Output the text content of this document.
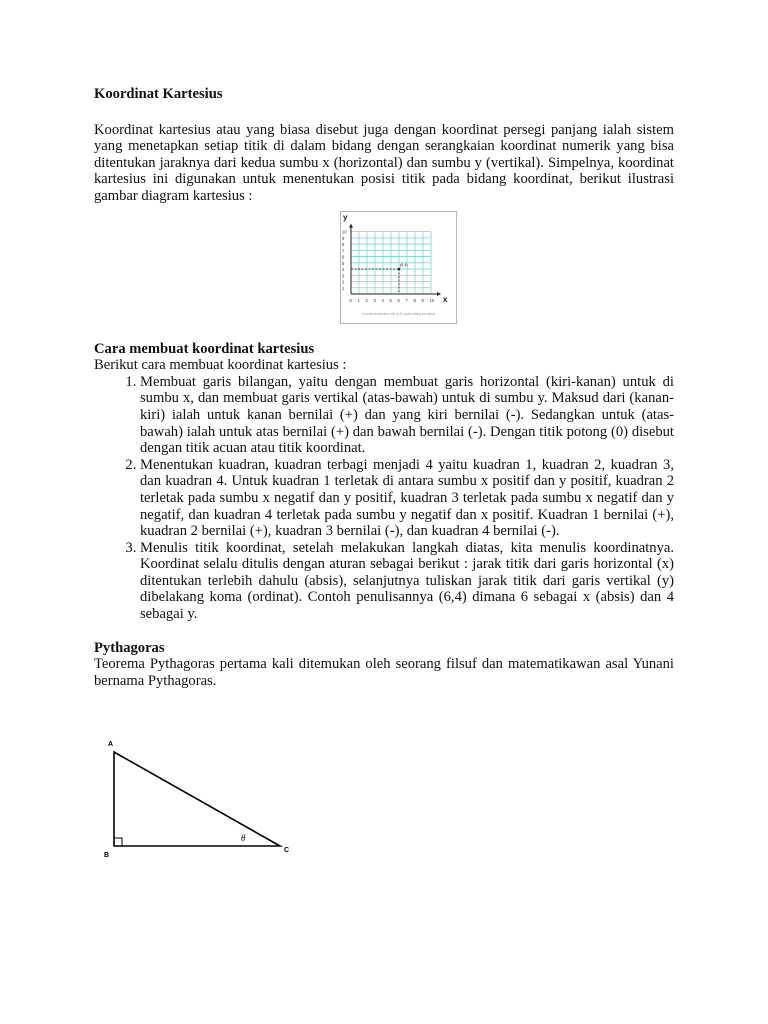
Koordinat Kartesius

Koordinat kartesius atau yang biasa disebut juga dengan koordinat persegi panjang ialah sistem yang menetapkan setiap titik di dalam bidang dengan serangkaian koordinat numerik yang bisa ditentukan jaraknya dari kedua sumbu x (horizontal) dan sumbu y (vertikal). Simpelnya, koordinat kartesius ini digunakan untuk menentukan posisi titik pada bidang koordinat, berikut ilustrasi gambar diagram kartesius :

y
x
10
9
8
7
6
5
4
3
2
1
0 1 2 3 4 5 6 7 8 9 10
(6,4)
Koordinat kartesius titik (6,4) pada bidang koordinat

Cara membuat koordinat kartesius

Berikut cara membuat koordinat kartesius :

1. Membuat garis bilangan, yaitu dengan membuat garis horizontal (kiri-kanan) untuk di sumbu x, dan membuat garis vertikal (atas-bawah) untuk di sumbu y. Maksud dari (kanan-kiri) ialah untuk kanan bernilai (+) dan yang kiri bernilai (-). Sedangkan untuk (atas-bawah) ialah untuk atas bernilai (+) dan bawah bernilai (-). Dengan titik potong (0) disebut dengan titik acuan atau titik koordinat.
2. Menentukan kuadran, kuadran terbagi menjadi 4 yaitu kuadran 1, kuadran 2, kuadran 3, dan kuadran 4. Untuk kuadran 1 terletak di antara sumbu x positif dan y positif, kuadran 2 terletak pada sumbu x negatif dan y positif, kuadran 3 terletak pada sumbu x negatif dan y negatif, dan kuadran 4 terletak pada sumbu y negatif dan x positif. Kuadran 1 bernilai (+), kuadran 2 bernilai (+), kuadran 3 bernilai (-), dan kuadran 4 bernilai (-).
3. Menulis titik koordinat, setelah melakukan langkah diatas, kita menulis koordinatnya. Koordinat selalu ditulis dengan aturan sebagai berikut : jarak titik dari garis horizontal (x) ditentukan terlebih dahulu (absis), selanjutnya tuliskan jarak titik dari garis vertikal (y) dibelakang koma (ordinat). Contoh penulisannya (6,4) dimana 6 sebagai x (absis) dan 4 sebagai y.

Pythagoras

Teorema Pythagoras pertama kali ditemukan oleh seorang filsuf dan matematikawan asal Yunani bernama Pythagoras.

A
B
C
θ
